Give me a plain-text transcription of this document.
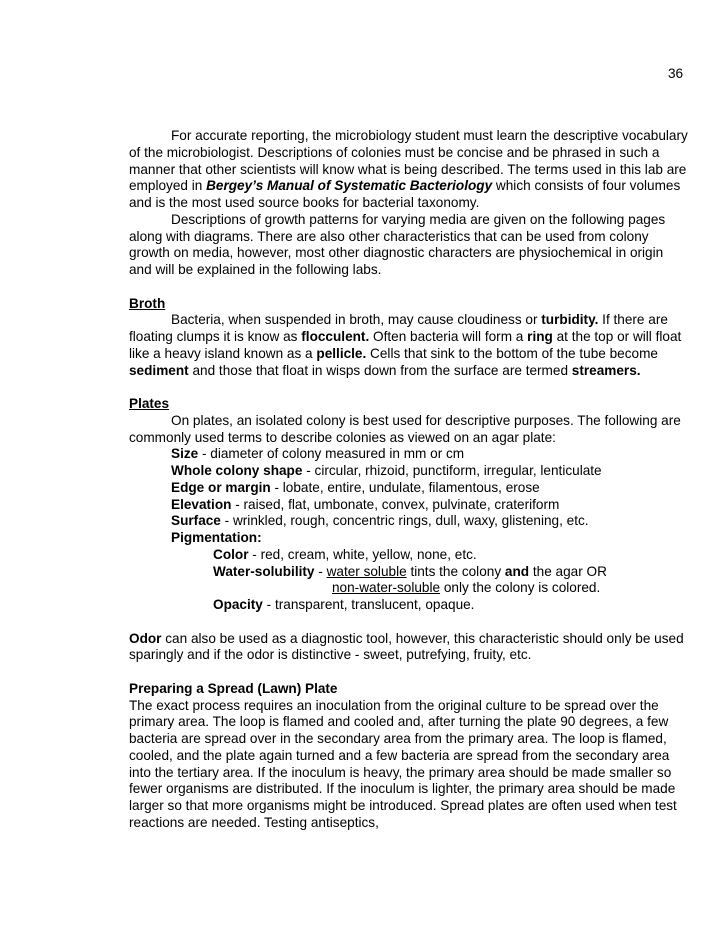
36

For accurate reporting, the microbiology student must learn the descriptive vocabulary of the microbiologist. Descriptions of colonies must be concise and be phrased in such a manner that other scientists will know what is being described. The terms used in this lab are employed in Bergey’s Manual of Systematic Bacteriology which consists of four volumes and is the most used source books for bacterial taxonomy.

Descriptions of growth patterns for varying media are given on the following pages along with diagrams. There are also other characteristics that can be used from colony growth on media, however, most other diagnostic characters are physiochemical in origin and will be explained in the following labs.

Broth

Bacteria, when suspended in broth, may cause cloudiness or turbidity. If there are floating clumps it is know as flocculent. Often bacteria will form a ring at the top or will float like a heavy island known as a pellicle. Cells that sink to the bottom of the tube become sediment and those that float in wisps down from the surface are termed streamers.

Plates

On plates, an isolated colony is best used for descriptive purposes. The following are commonly used terms to describe colonies as viewed on an agar plate:

Size - diameter of colony measured in mm or cm
Whole colony shape - circular, rhizoid, punctiform, irregular, lenticulate
Edge or margin - lobate, entire, undulate, filamentous, erose
Elevation - raised, flat, umbonate, convex, pulvinate, crateriform
Surface - wrinkled, rough, concentric rings, dull, waxy, glistening, etc.
Pigmentation:
Color - red, cream, white, yellow, none, etc.
Water-solubility - water soluble tints the colony and the agar OR
non-water-soluble only the colony is colored.
Opacity - transparent, translucent, opaque.

Odor can also be used as a diagnostic tool, however, this characteristic should only be used sparingly and if the odor is distinctive - sweet, putrefying, fruity, etc.

Preparing a Spread (Lawn) Plate

The exact process requires an inoculation from the original culture to be spread over the primary area. The loop is flamed and cooled and, after turning the plate 90 degrees, a few bacteria are spread over in the secondary area from the primary area. The loop is flamed, cooled, and the plate again turned and a few bacteria are spread from the secondary area into the tertiary area. If the inoculum is heavy, the primary area should be made smaller so fewer organisms are distributed. If the inoculum is lighter, the primary area should be made larger so that more organisms might be introduced. Spread plates are often used when test reactions are needed. Testing antiseptics,
